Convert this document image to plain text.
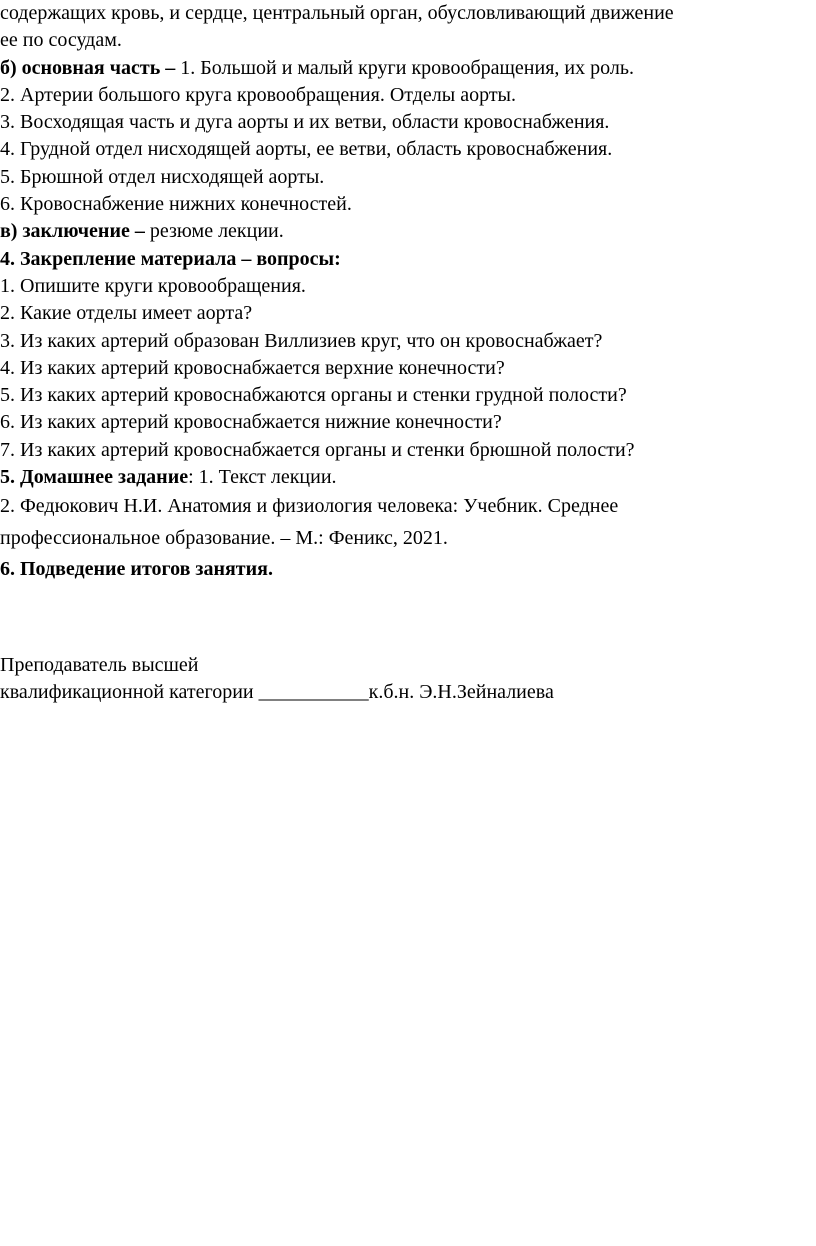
содержащих кровь, и сердце, центральный орган, обусловливающий движение
ее по сосудам.
б) основная часть – 1. Большой и малый круги кровообращения, их роль.
2. Артерии большого круга кровообращения. Отделы аорты.
3. Восходящая часть и дуга аорты и их ветви, области кровоснабжения.
4. Грудной отдел нисходящей аорты, ее ветви, область кровоснабжения.
5. Брюшной отдел нисходящей аорты.
6. Кровоснабжение нижних конечностей.
в) заключение – резюме лекции.
4. Закрепление материала – вопросы:
1. Опишите круги кровообращения.
2. Какие отделы имеет аорта?
3. Из каких артерий образован Виллизиев круг, что он кровоснабжает?
4. Из каких артерий кровоснабжается верхние конечности?
5. Из каких артерий кровоснабжаются органы и стенки грудной полости?
6. Из каких артерий кровоснабжается нижние конечности?
7. Из каких артерий кровоснабжается органы и стенки брюшной полости?
5. Домашнее задание: 1. Текст лекции.
2. Федюкович Н.И. Анатомия и физиология человека: Учебник. Среднее
профессиональное образование. – М.: Феникс, 2021.
6. Подведение итогов занятия.
Преподаватель высшей
квалификационной категории ___________к.б.н. Э.Н.Зейналиева
